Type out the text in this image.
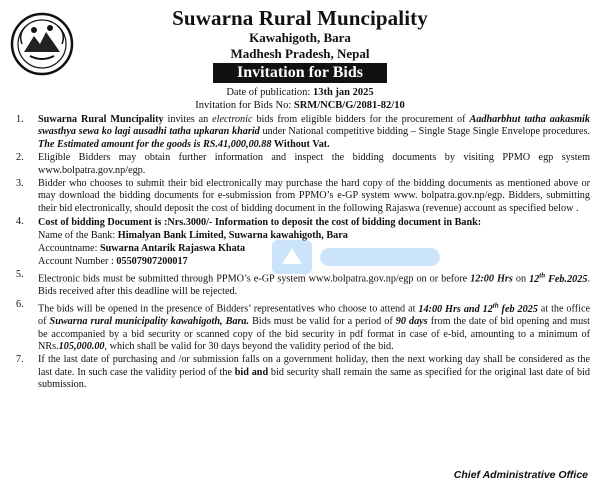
Suwarna Rural Muncipality
Kawahigoth, Bara
Madhesh Pradesh, Nepal
Invitation for Bids
Date of publication: 13th jan 2025
Invitation for Bids No: SRM/NCB/G/2081-82/10
1. Suwarna Rural Muncipality invites an electronic bids from eligible bidders for the procurement of Aadharbhut tatha aakasmik swasthya sewa ko lagi ausadhi tatha upkaran kharid under National competitive bidding – Single Stage Single Envelope procedures. The Estimated amount for the goods is RS.41,000,00.88 Without Vat.
2. Eligible Bidders may obtain further information and inspect the bidding documents by visiting PPMO egp system www.bolpatra.gov.np/egp.
3. Bidder who chooses to submit their bid electronically may purchase the hard copy of the bidding documents as mentioned above or may download the bidding documents for e-submission from PPMO’s e-GP system www. bolpatra.gov.np/egp. Bidders, submitting their bid electronically, should deposit the cost of bidding document in the following Rajaswa (revenue) account as specified below .
4. Cost of bidding Document is :Nrs.3000/- Information to deposit the cost of bidding document in Bank:
Name of the Bank: Himalyan Bank Limited, Suwarna kawahigoth, Bara
Accountname: Suwarna Antarik Rajaswa Khata
Account Number : 05507907200017
5. Electronic bids must be submitted through PPMO’s e-GP system www.bolpatra.gov.np/egp on or before 12:00 Hrs on 12th Feb.2025. Bids received after this deadline will be rejected.
6. The bids will be opened in the presence of Bidders’ representatives who choose to attend at 14:00 Hrs and 12th feb 2025 at the office of Suwarna rural municipality kawahigoth, Bara. Bids must be valid for a period of 90 days from the date of bid opening and must be accompanied by a bid security or scanned copy of the bid security in pdf format in case of e-bid, amounting to a minimum of NRs.105,000.00, which shall be valid for 30 days beyond the validity period of the bid.
7. If the last date of purchasing and /or submission falls on a government holiday, then the next working day shall be considered as the last date. In such case the validity period of the bid and bid security shall remain the same as specified for the original last date of bid submission.
Chief Administrative Office
